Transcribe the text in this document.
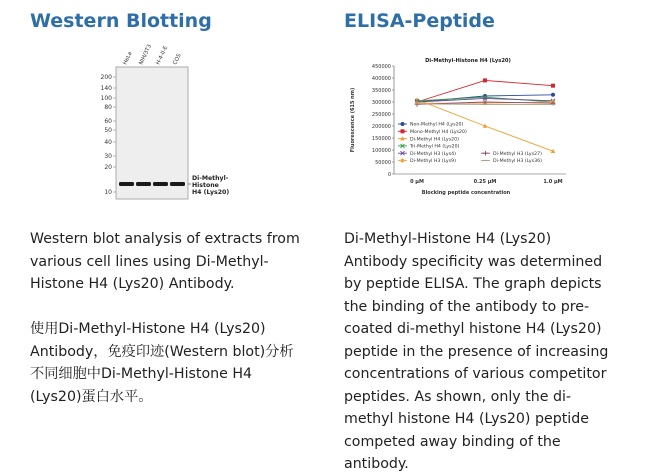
Western Blotting
HeLa NIH/3T3 H-4-II-E COS
200
140
100
80
60
50
40
30
20
10
Di-Methyl-
Histone
H4 (Lys20)
Western blot analysis of extracts from
various cell lines using Di-Methyl-
Histone H4 (Lys20) Antibody.
使用Di-Methyl-Histone H4 (Lys20)
Antibody，免疫印迹(Western blot)分析
不同细胞中Di-Methyl-Histone H4
(Lys20)蛋白水平。
ELISA-Peptide
Di-Methyl-Histone H4 (Lys20)
0
50000
100000
150000
200000
250000
300000
350000
400000
450000
0 μM	0.25 μM	1.0 μM
Blocking peptide concentration
Fluorescence (615 nm)	Non-Methyl H4 (Lys20)
Mono-Methyl H4 (Lys20)
Di-Methyl H4 (Lys20)
Tri-Methyl H4 (Lys20)
Di-Methyl H3 (Lys4)
Di-Methyl H3 (Lys9)
Di-Methyl H3 (Lys27)
Di-Methyl H3 (Lys36)
Di-Methyl-Histone H4 (Lys20)
Antibody specificity was determined
by peptide ELISA. The graph depicts
the binding of the antibody to pre-
coated di-methyl histone H4 (Lys20)
peptide in the presence of increasing
concentrations of various competitor
peptides. As shown, only the di-
methyl histone H4 (Lys20) peptide
competed away binding of the
antibody.
